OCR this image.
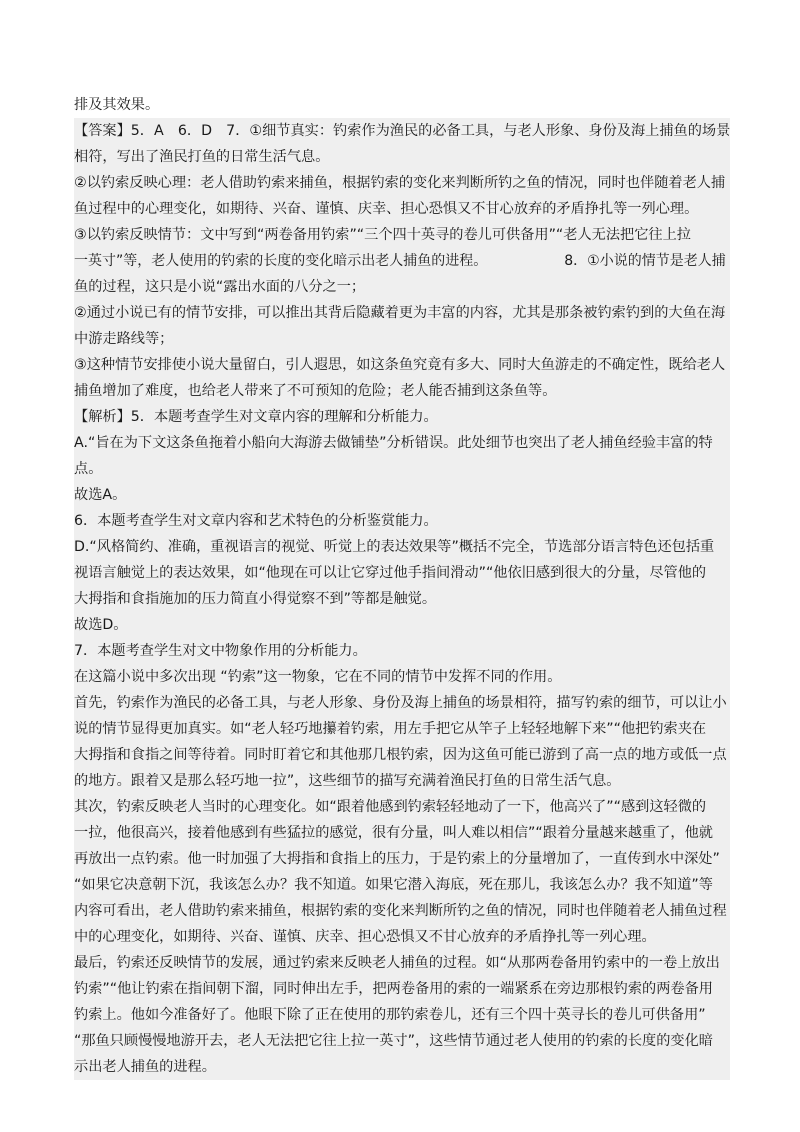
排及其效果。
【答案】5．A　6．D　7．①细节真实：钓索作为渔民的必备工具，与老人形象、身份及海上捕鱼的场景
相符，写出了渔民打鱼的日常生活气息。
②以钓索反映心理：老人借助钓索来捕鱼，根据钓索的变化来判断所钓之鱼的情况，同时也伴随着老人捕
鱼过程中的心理变化，如期待、兴奋、谨慎、庆幸、担心恐惧又不甘心放弃的矛盾挣扎等一列心理。
③以钓索反映情节：文中写到“两卷备用钓索”“三个四十英寻的卷儿可供备用”“老人无法把它往上拉
一英寸”等，老人使用的钓索的长度的变化暗示出老人捕鱼的进程。　　　　　　8．①小说的情节是老人捕
鱼的过程，这只是小说“露出水面的八分之一；
②通过小说已有的情节安排，可以推出其背后隐藏着更为丰富的内容，尤其是那条被钓索钓到的大鱼在海
中游走路线等；
③这种情节安排使小说大量留白，引人遐思，如这条鱼究竟有多大、同时大鱼游走的不确定性，既给老人
捕鱼增加了难度，也给老人带来了不可预知的危险；老人能否捕到这条鱼等。
【解析】5．本题考查学生对文章内容的理解和分析能力。
A.“旨在为下文这条鱼拖着小船向大海游去做铺垫”分析错误。此处细节也突出了老人捕鱼经验丰富的特
点。
故选A。
6．本题考查学生对文章内容和艺术特色的分析鉴赏能力。
D.“风格简约、准确，重视语言的视觉、听觉上的表达效果等”概括不完全，节选部分语言特色还包括重
视语言触觉上的表达效果，如“他现在可以让它穿过他手指间滑动”“他依旧感到很大的分量，尽管他的
大拇指和食指施加的压力简直小得觉察不到”等都是触觉。
故选D。
7．本题考查学生对文中物象作用的分析能力。
在这篇小说中多次出现 “钓索”这一物象，它在不同的情节中发挥不同的作用。
首先，钓索作为渔民的必备工具，与老人形象、身份及海上捕鱼的场景相符，描写钓索的细节，可以让小
说的情节显得更加真实。如“老人轻巧地攥着钓索，用左手把它从竿子上轻轻地解下来”“他把钓索夹在
大拇指和食指之间等待着。同时盯着它和其他那几根钓索，因为这鱼可能已游到了高一点的地方或低一点
的地方。跟着又是那么轻巧地一拉”，这些细节的描写充满着渔民打鱼的日常生活气息。
其次，钓索反映老人当时的心理变化。如“跟着他感到钓索轻轻地动了一下，他高兴了”“感到这轻微的
一拉，他很高兴，接着他感到有些猛拉的感觉，很有分量，叫人难以相信”“跟着分量越来越重了，他就
再放出一点钓索。他一时加强了大拇指和食指上的压力，于是钓索上的分量增加了，一直传到水中深处”
“如果它决意朝下沉，我该怎么办？我不知道。如果它潜入海底，死在那儿，我该怎么办？我不知道”等
内容可看出，老人借助钓索来捕鱼，根据钓索的变化来判断所钓之鱼的情况，同时也伴随着老人捕鱼过程
中的心理变化，如期待、兴奋、谨慎、庆幸、担心恐惧又不甘心放弃的矛盾挣扎等一列心理。
最后，钓索还反映情节的发展，通过钓索来反映老人捕鱼的过程。如“从那两卷备用钓索中的一卷上放出
钓索”“他让钓索在指间朝下溜，同时伸出左手，把两卷备用的索的一端紧系在旁边那根钓索的两卷备用
钓索上。他如今准备好了。他眼下除了正在使用的那钓索卷儿，还有三个四十英寻长的卷儿可供备用”
“那鱼只顾慢慢地游开去，老人无法把它往上拉一英寸”，这些情节通过老人使用的钓索的长度的变化暗
示出老人捕鱼的进程。
